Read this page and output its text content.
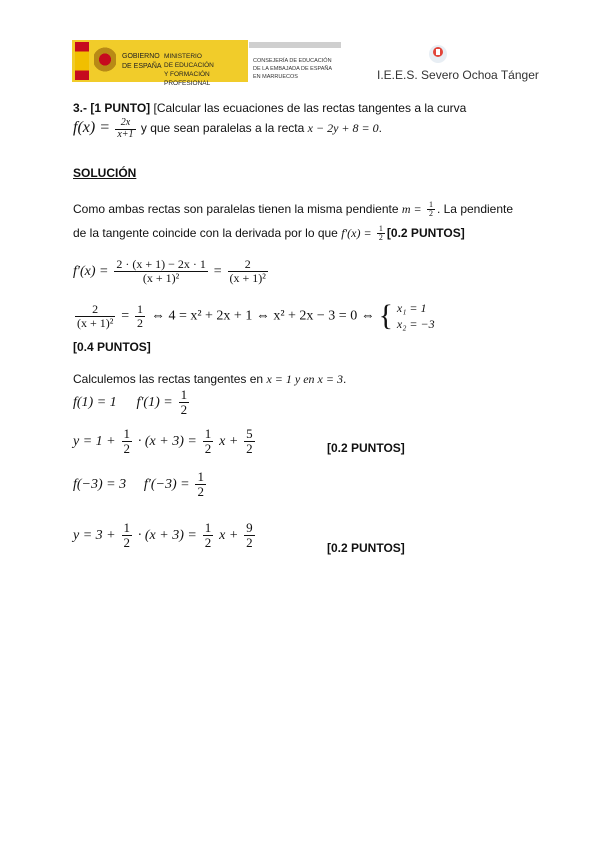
GOBIERNO
DE ESPAÑA
MINISTERIO
DE EDUCACIÓN
Y FORMACIÓN PROFESIONAL
CONSEJERÍA DE EDUCACIÓN
DE LA EMBAJADA DE ESPAÑA
EN MARRUECOS	I.E.E.S. Severo Ochoa Tánger
3.- [1 PUNTO] [Calcular las ecuaciones de las rectas tangentes a la curva
$f(x) = \frac{2x}{x+1}$ y que sean paralelas a la recta x − 2y + 8 = 0.
SOLUCIÓN
Como ambas rectas son paralelas tienen la misma pendiente $m = \frac{1}{2}$ . La pendiente
de la tangente coincide con la derivada por lo que $f'(x) = \frac{1}{2} [0.2$ PUNTOS]
$f'(x) = \frac{2 \cdot (x + 1) - 2x \cdot 1}{\text{(x + 1)²}} = \frac{2}{\text{(x + 1)²}}$
$\frac{2}{\text{(x + 1)²}} = \frac{1}{2}$ ⇔ 4 = x² + 2x + 1 ⇔ x² + 2x − 3 = 0 ⇔ { x₁ = 1
x₂ = −3
[0.4 PUNTOS]
Calculemos las rectas tangentes en x = 1 y en x = 3.
f(1) = 1 $f'(1) = \frac{1}{2}$
$y = 1 + \frac{1}{2} \cdot (x + 3) = \frac{1}{2}$ $x + \frac{5}{2}$	[0.2 PUNTOS]
f(−3) = 3 $f'(-3) = \frac{1}{2}$
$y = 3 + \frac{1}{2} \cdot (x + 3) = \frac{1}{2}$ $x + \frac{9}{2}$	[0.2 PUNTOS]
